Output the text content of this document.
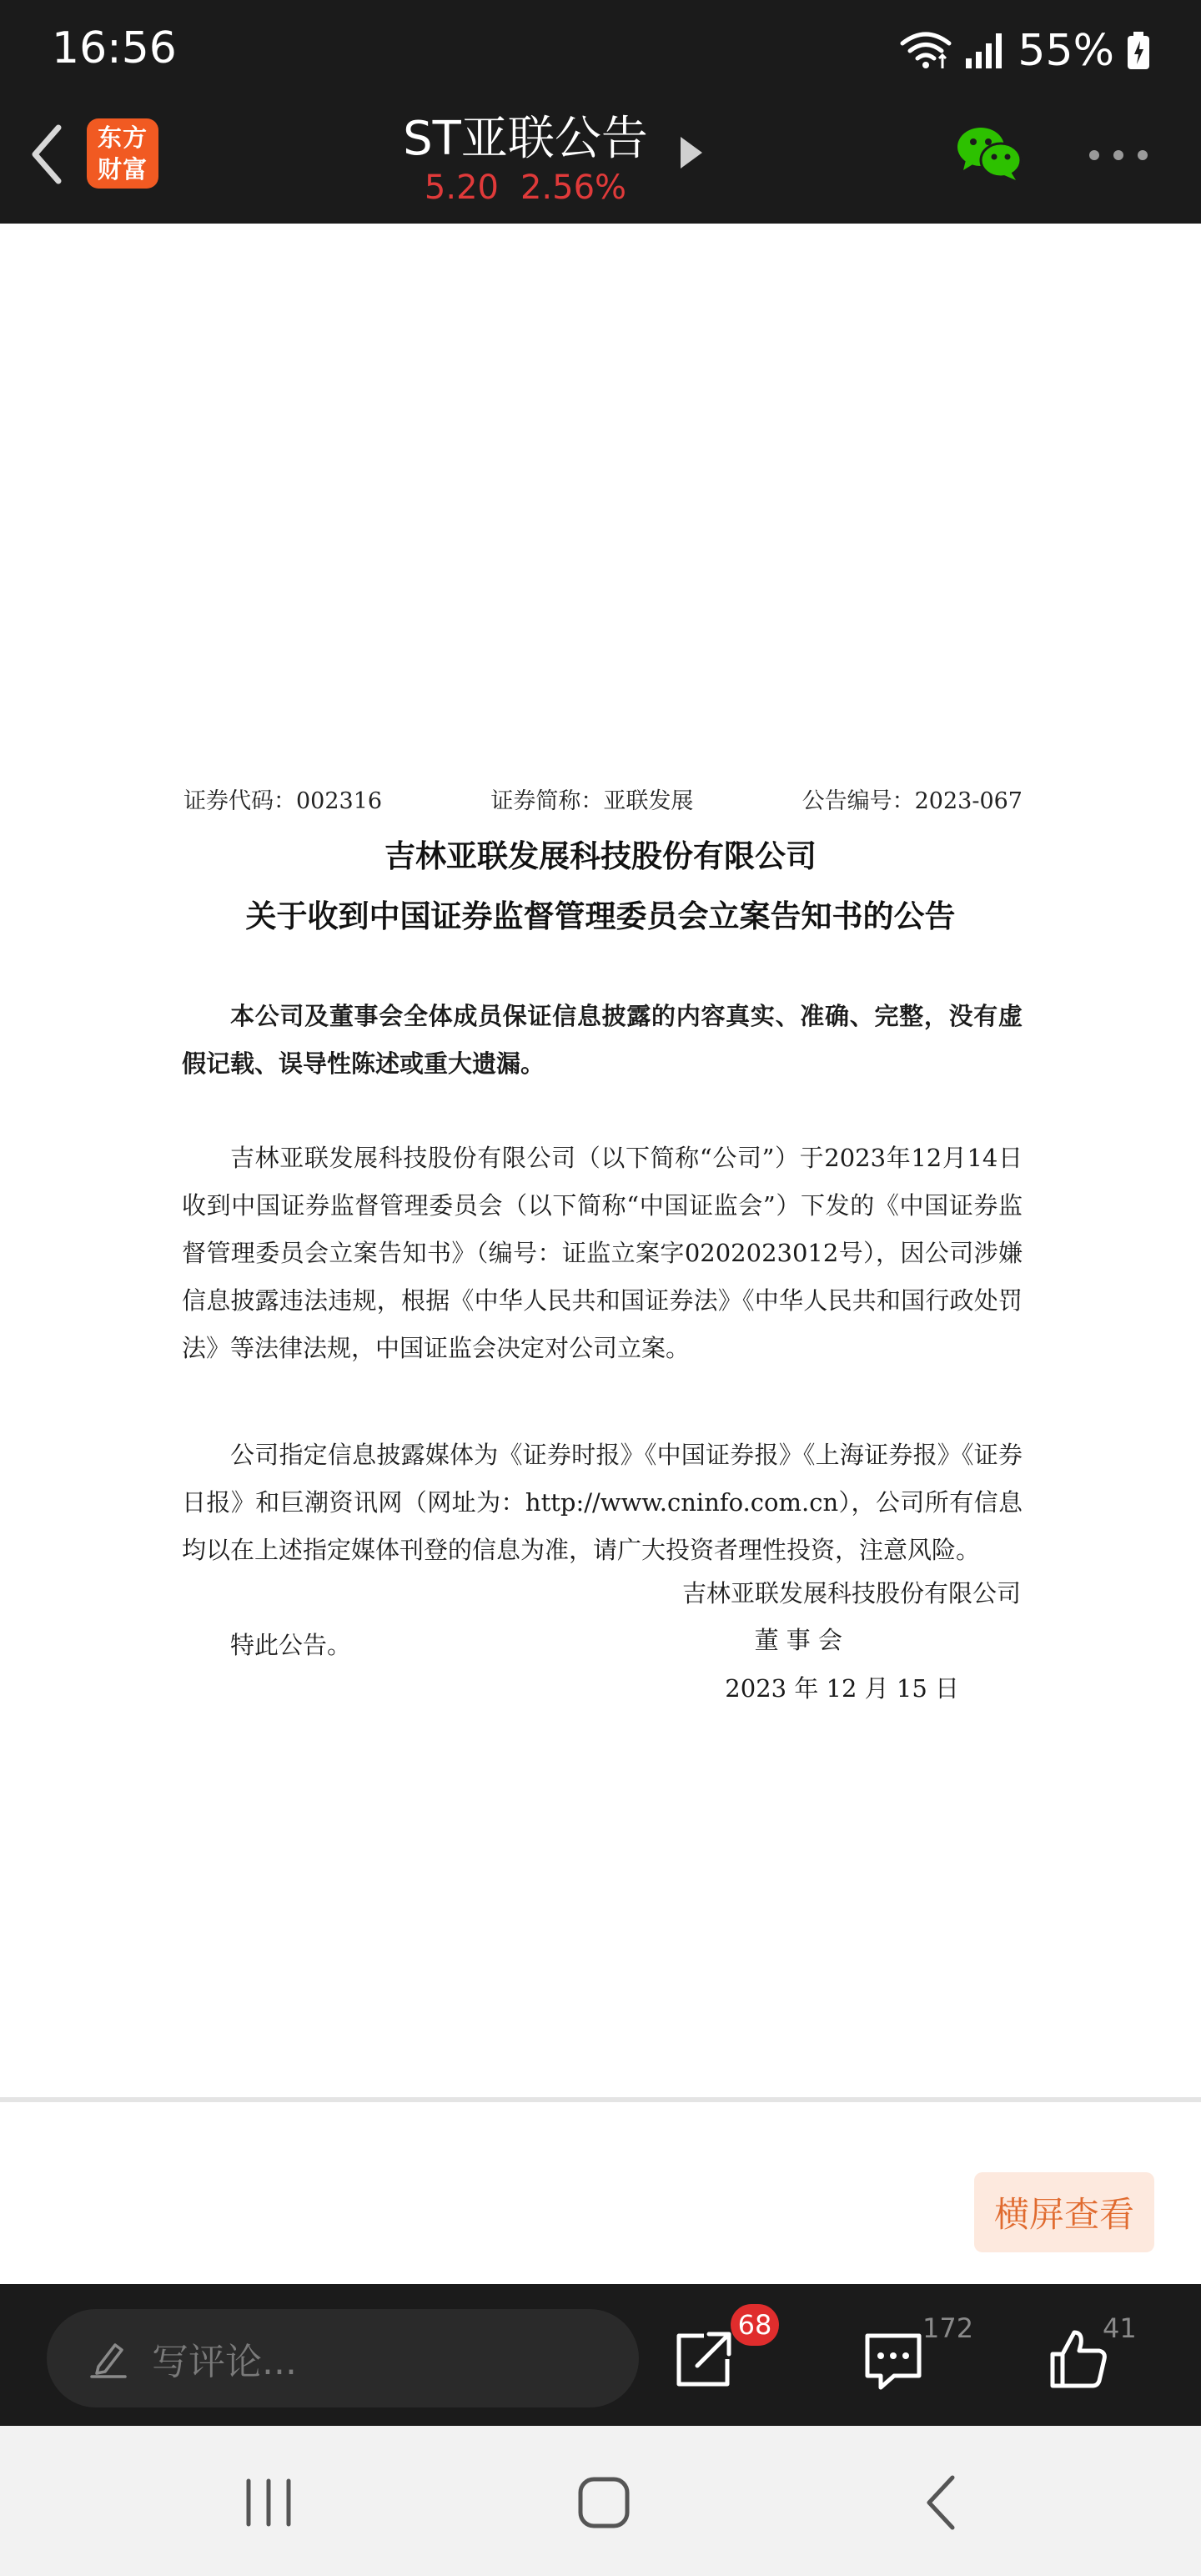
16:56	55%
东方
财富
ST亚联公告
5.20 2.56%
证券代码：002316	证券简称：亚联发展	公告编号：2023-067
吉林亚联发展科技股份有限公司
关于收到中国证券监督管理委员会立案告知书的公告

本公司及董事会全体成员保证信息披露的内容真实、准确、完整，没有虚假记载、误导性陈述或重大遗漏。

吉林亚联发展科技股份有限公司（以下简称“公司”）于2023年12月14日收到中国证券监督管理委员会（以下简称“中国证监会”）下发的《中国证券监督管理委员会立案告知书》（编号：证监立案字0202023012号），因公司涉嫌信息披露违法违规，根据《中华人民共和国证券法》《中华人民共和国行政处罚法》等法律法规，中国证监会决定对公司立案。

公司指定信息披露媒体为《证券时报》《中国证券报》《上海证券报》《证券日报》和巨潮资讯网（网址为：http://www.cninfo.com.cn），公司所有信息均以在上述指定媒体刊登的信息为准，请广大投资者理性投资，注意风险。

特此公告。

吉林亚联发展科技股份有限公司
董 事 会
2023 年 12 月 15 日
横屏查看
写评论...
68	172	41
